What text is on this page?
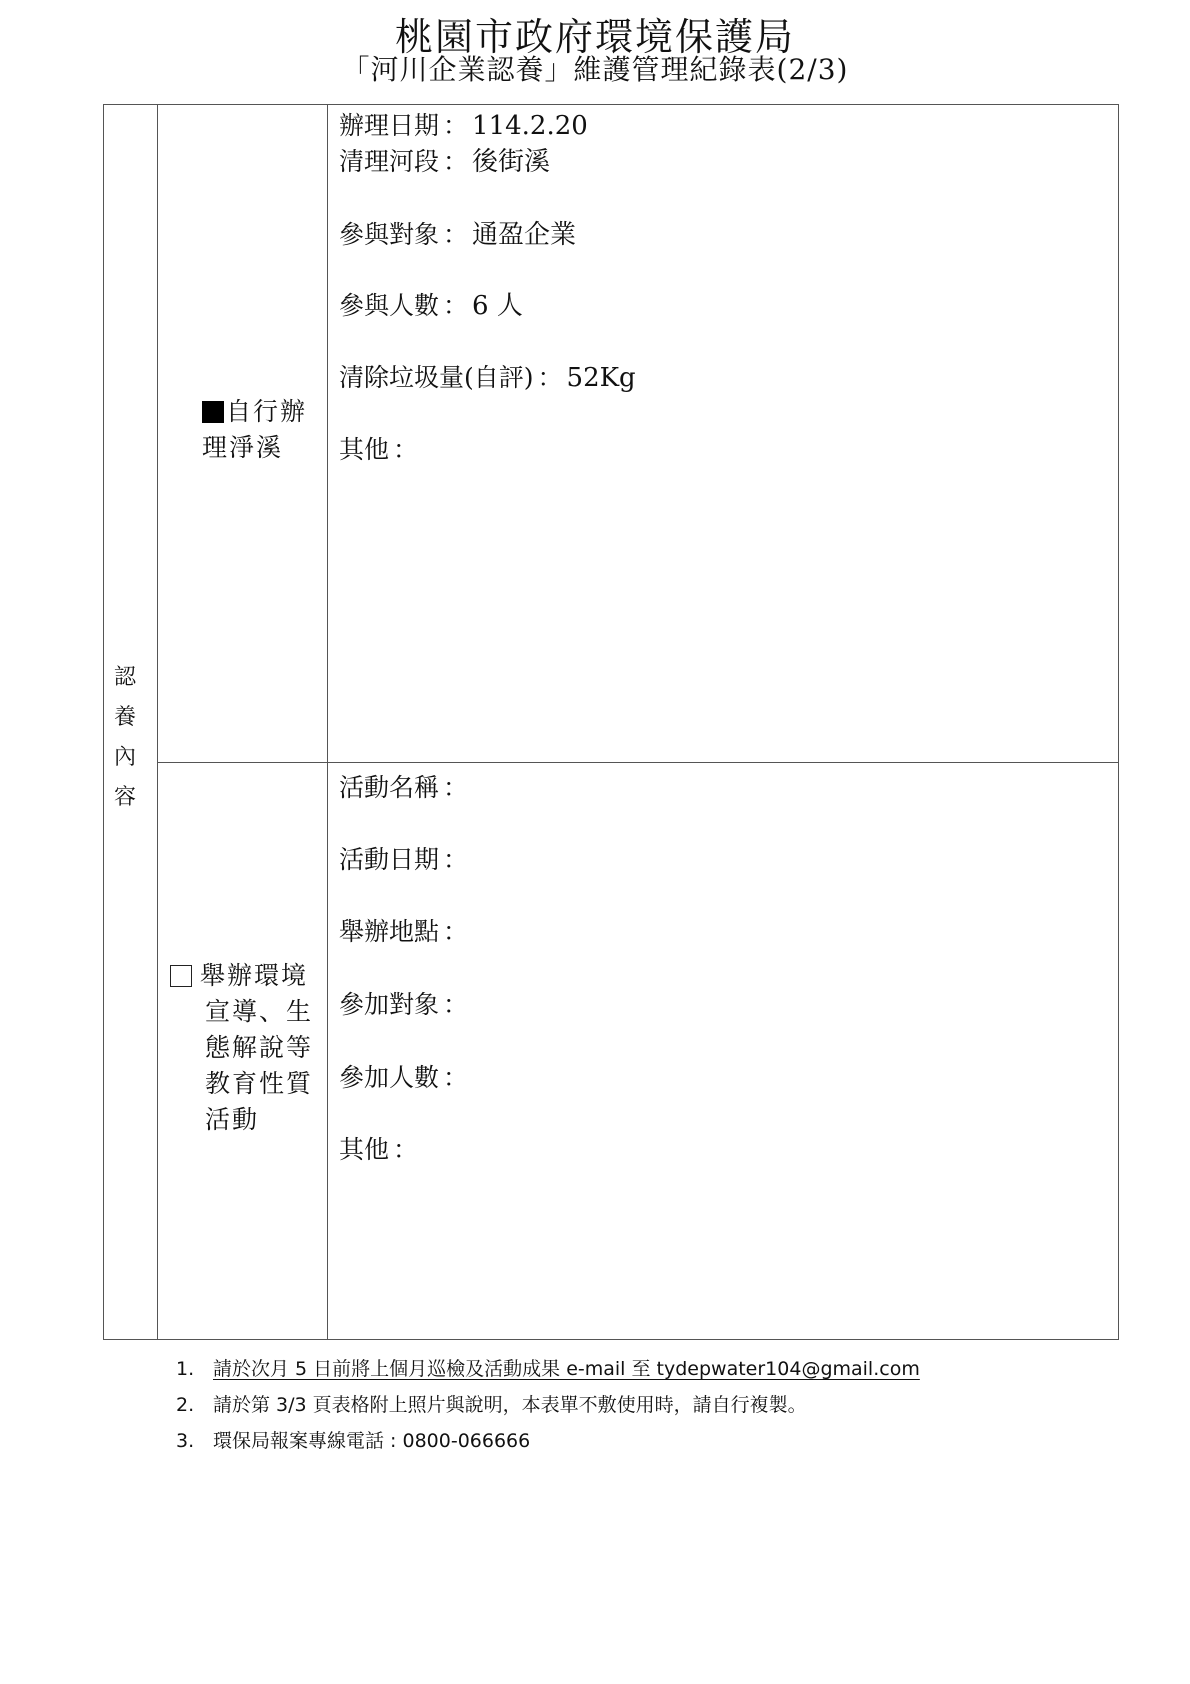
桃園市政府環境保護局
「河川企業認養」維護管理紀錄表(2/3)
認
養
內
容
自行辦理淨溪
辦理日期 ： 114.2.20
清理河段 ： 後街溪
參與對象 ： 通盈企業
參與人數 ： 6 人
清除垃圾量(自評) ： 52Kg
其他 ：
舉辦環境
宣導、生
態解說等
教育性質
活動
活動名稱 ：
活動日期 ：
舉辦地點 ：
參加對象 ：
參加人數 ：
其他 ：
1. 請於次月 5 日前將上個月巡檢及活動成果 e-mail 至 tydepwater104@gmail.com
2. 請於第 3/3 頁表格附上照片與說明，本表單不敷使用時，請自行複製。
3. 環保局報案專線電話 : 0800-066666
